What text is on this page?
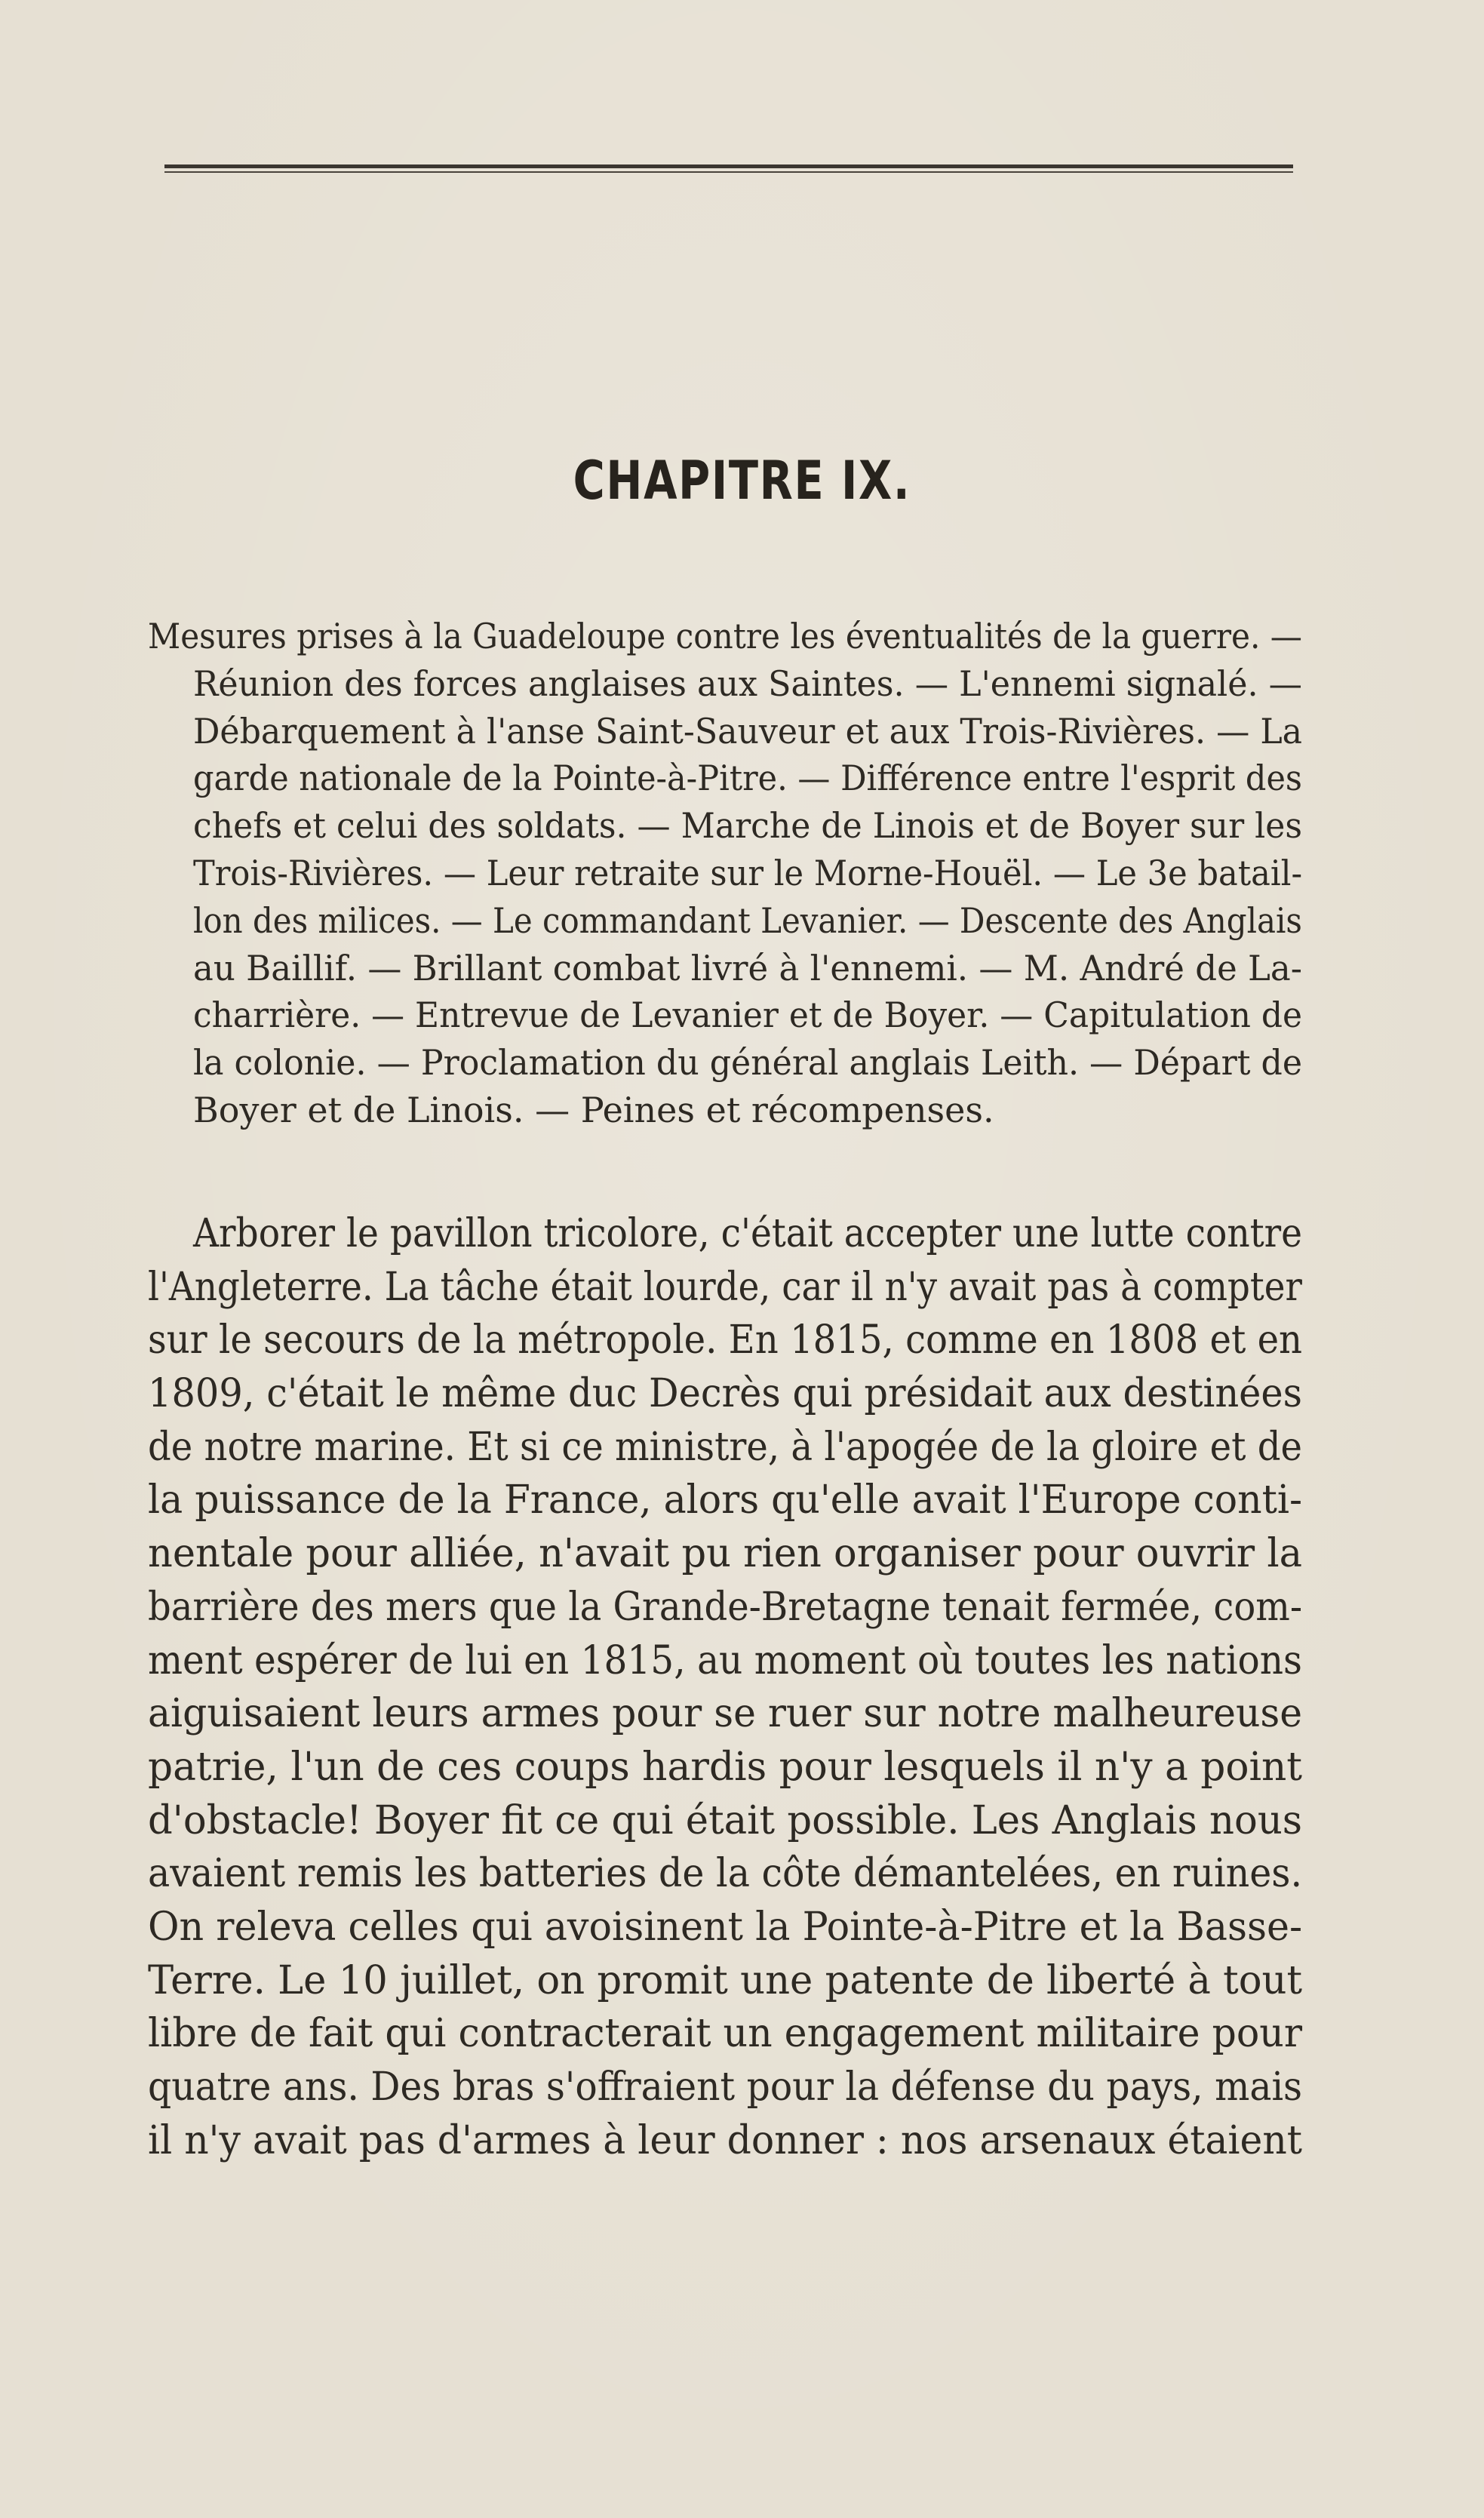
CHAPITRE IX.
Mesures prises à la Guadeloupe contre les éventualités de la guerre. —
Réunion des forces anglaises aux Saintes. — L'ennemi signalé. —
Débarquement à l'anse Saint-Sauveur et aux Trois-Rivières. — La
garde nationale de la Pointe-à-Pitre. — Différence entre l'esprit des
chefs et celui des soldats. — Marche de Linois et de Boyer sur les
Trois-Rivières. — Leur retraite sur le Morne-Houël. — Le 3e batail-
lon des milices. — Le commandant Levanier. — Descente des Anglais
au Baillif. — Brillant combat livré à l'ennemi. — M. André de La-
charrière. — Entrevue de Levanier et de Boyer. — Capitulation de
la colonie. — Proclamation du général anglais Leith. — Départ de
Boyer et de Linois. — Peines et récompenses.
Arborer le pavillon tricolore, c'était accepter une lutte contre
l'Angleterre. La tâche était lourde, car il n'y avait pas à compter
sur le secours de la métropole. En 1815, comme en 1808 et en
1809, c'était le même duc Decrès qui présidait aux destinées
de notre marine. Et si ce ministre, à l'apogée de la gloire et de
la puissance de la France, alors qu'elle avait l'Europe conti-
nentale pour alliée, n'avait pu rien organiser pour ouvrir la
barrière des mers que la Grande-Bretagne tenait fermée, com-
ment espérer de lui en 1815, au moment où toutes les nations
aiguisaient leurs armes pour se ruer sur notre malheureuse
patrie, l'un de ces coups hardis pour lesquels il n'y a point
d'obstacle! Boyer fit ce qui était possible. Les Anglais nous
avaient remis les batteries de la côte démantelées, en ruines.
On releva celles qui avoisinent la Pointe-à-Pitre et la Basse-
Terre. Le 10 juillet, on promit une patente de liberté à tout
libre de fait qui contracterait un engagement militaire pour
quatre ans. Des bras s'offraient pour la défense du pays, mais
il n'y avait pas d'armes à leur donner : nos arsenaux étaient
